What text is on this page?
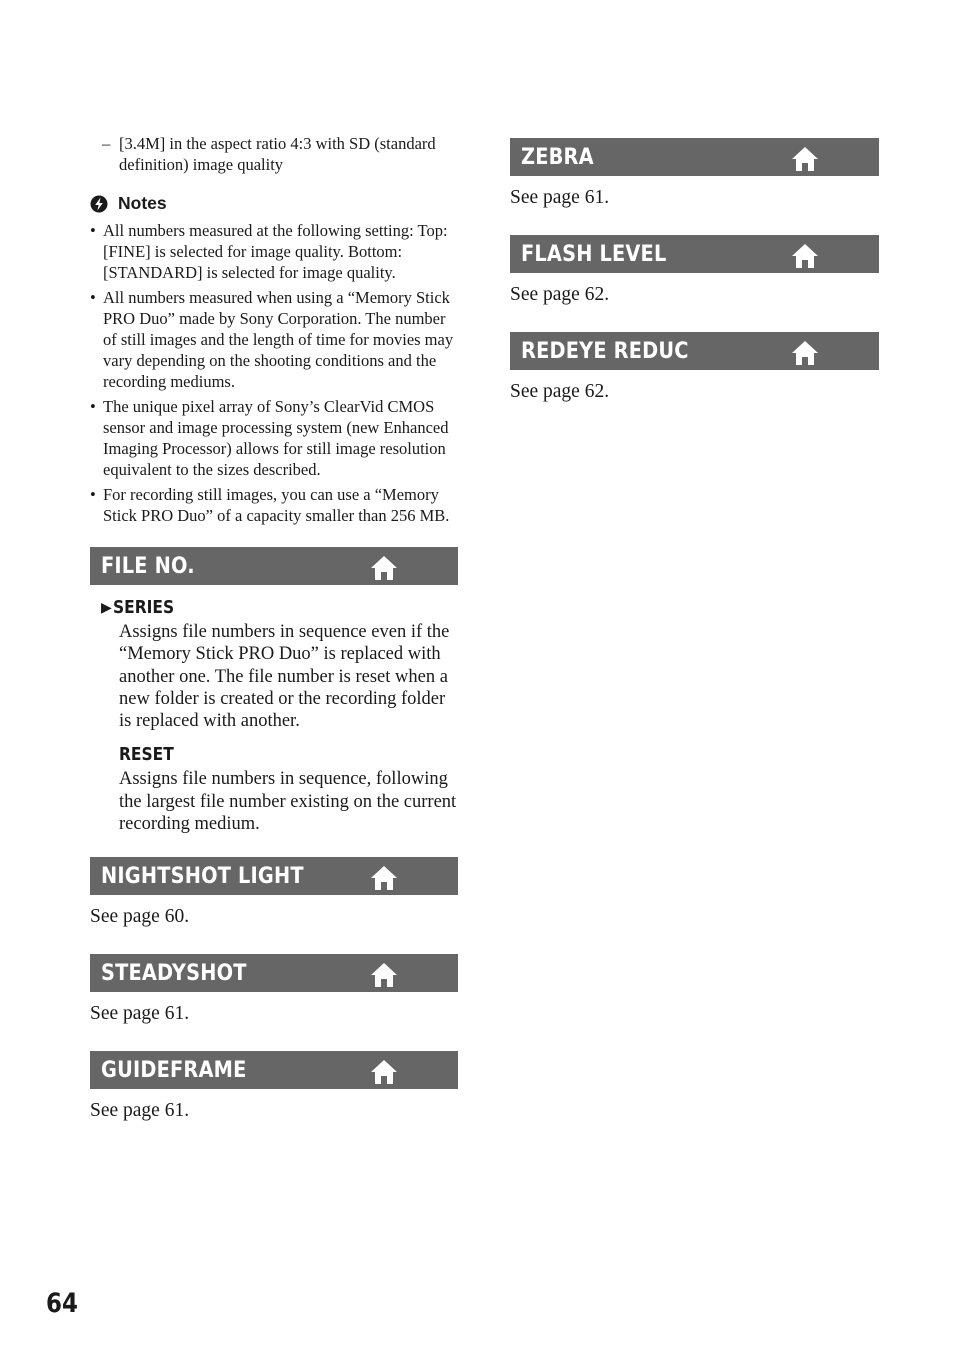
– [3.4M] in the aspect ratio 4:3 with SD (standard definition) image quality
Notes
• All numbers measured at the following setting: Top: [FINE] is selected for image quality. Bottom: [STANDARD] is selected for image quality.
• All numbers measured when using a “Memory Stick PRO Duo” made by Sony Corporation. The number of still images and the length of time for movies may vary depending on the shooting conditions and the recording mediums.
• The unique pixel array of Sony’s ClearVid CMOS sensor and image processing system (new Enhanced Imaging Processor) allows for still image resolution equivalent to the sizes described.
• For recording still images, you can use a “Memory Stick PRO Duo” of a capacity smaller than 256 MB.
FILE NO.
▶ SERIES
Assigns file numbers in sequence even if the “Memory Stick PRO Duo” is replaced with another one. The file number is reset when a new folder is created or the recording folder is replaced with another.
RESET
Assigns file numbers in sequence, following the largest file number existing on the current recording medium.
NIGHTSHOT LIGHT

See page 60.

STEADYSHOT

See page 61.

GUIDEFRAME

See page 61.

ZEBRA

See page 61.

FLASH LEVEL

See page 62.

REDEYE REDUC

See page 62.

64
